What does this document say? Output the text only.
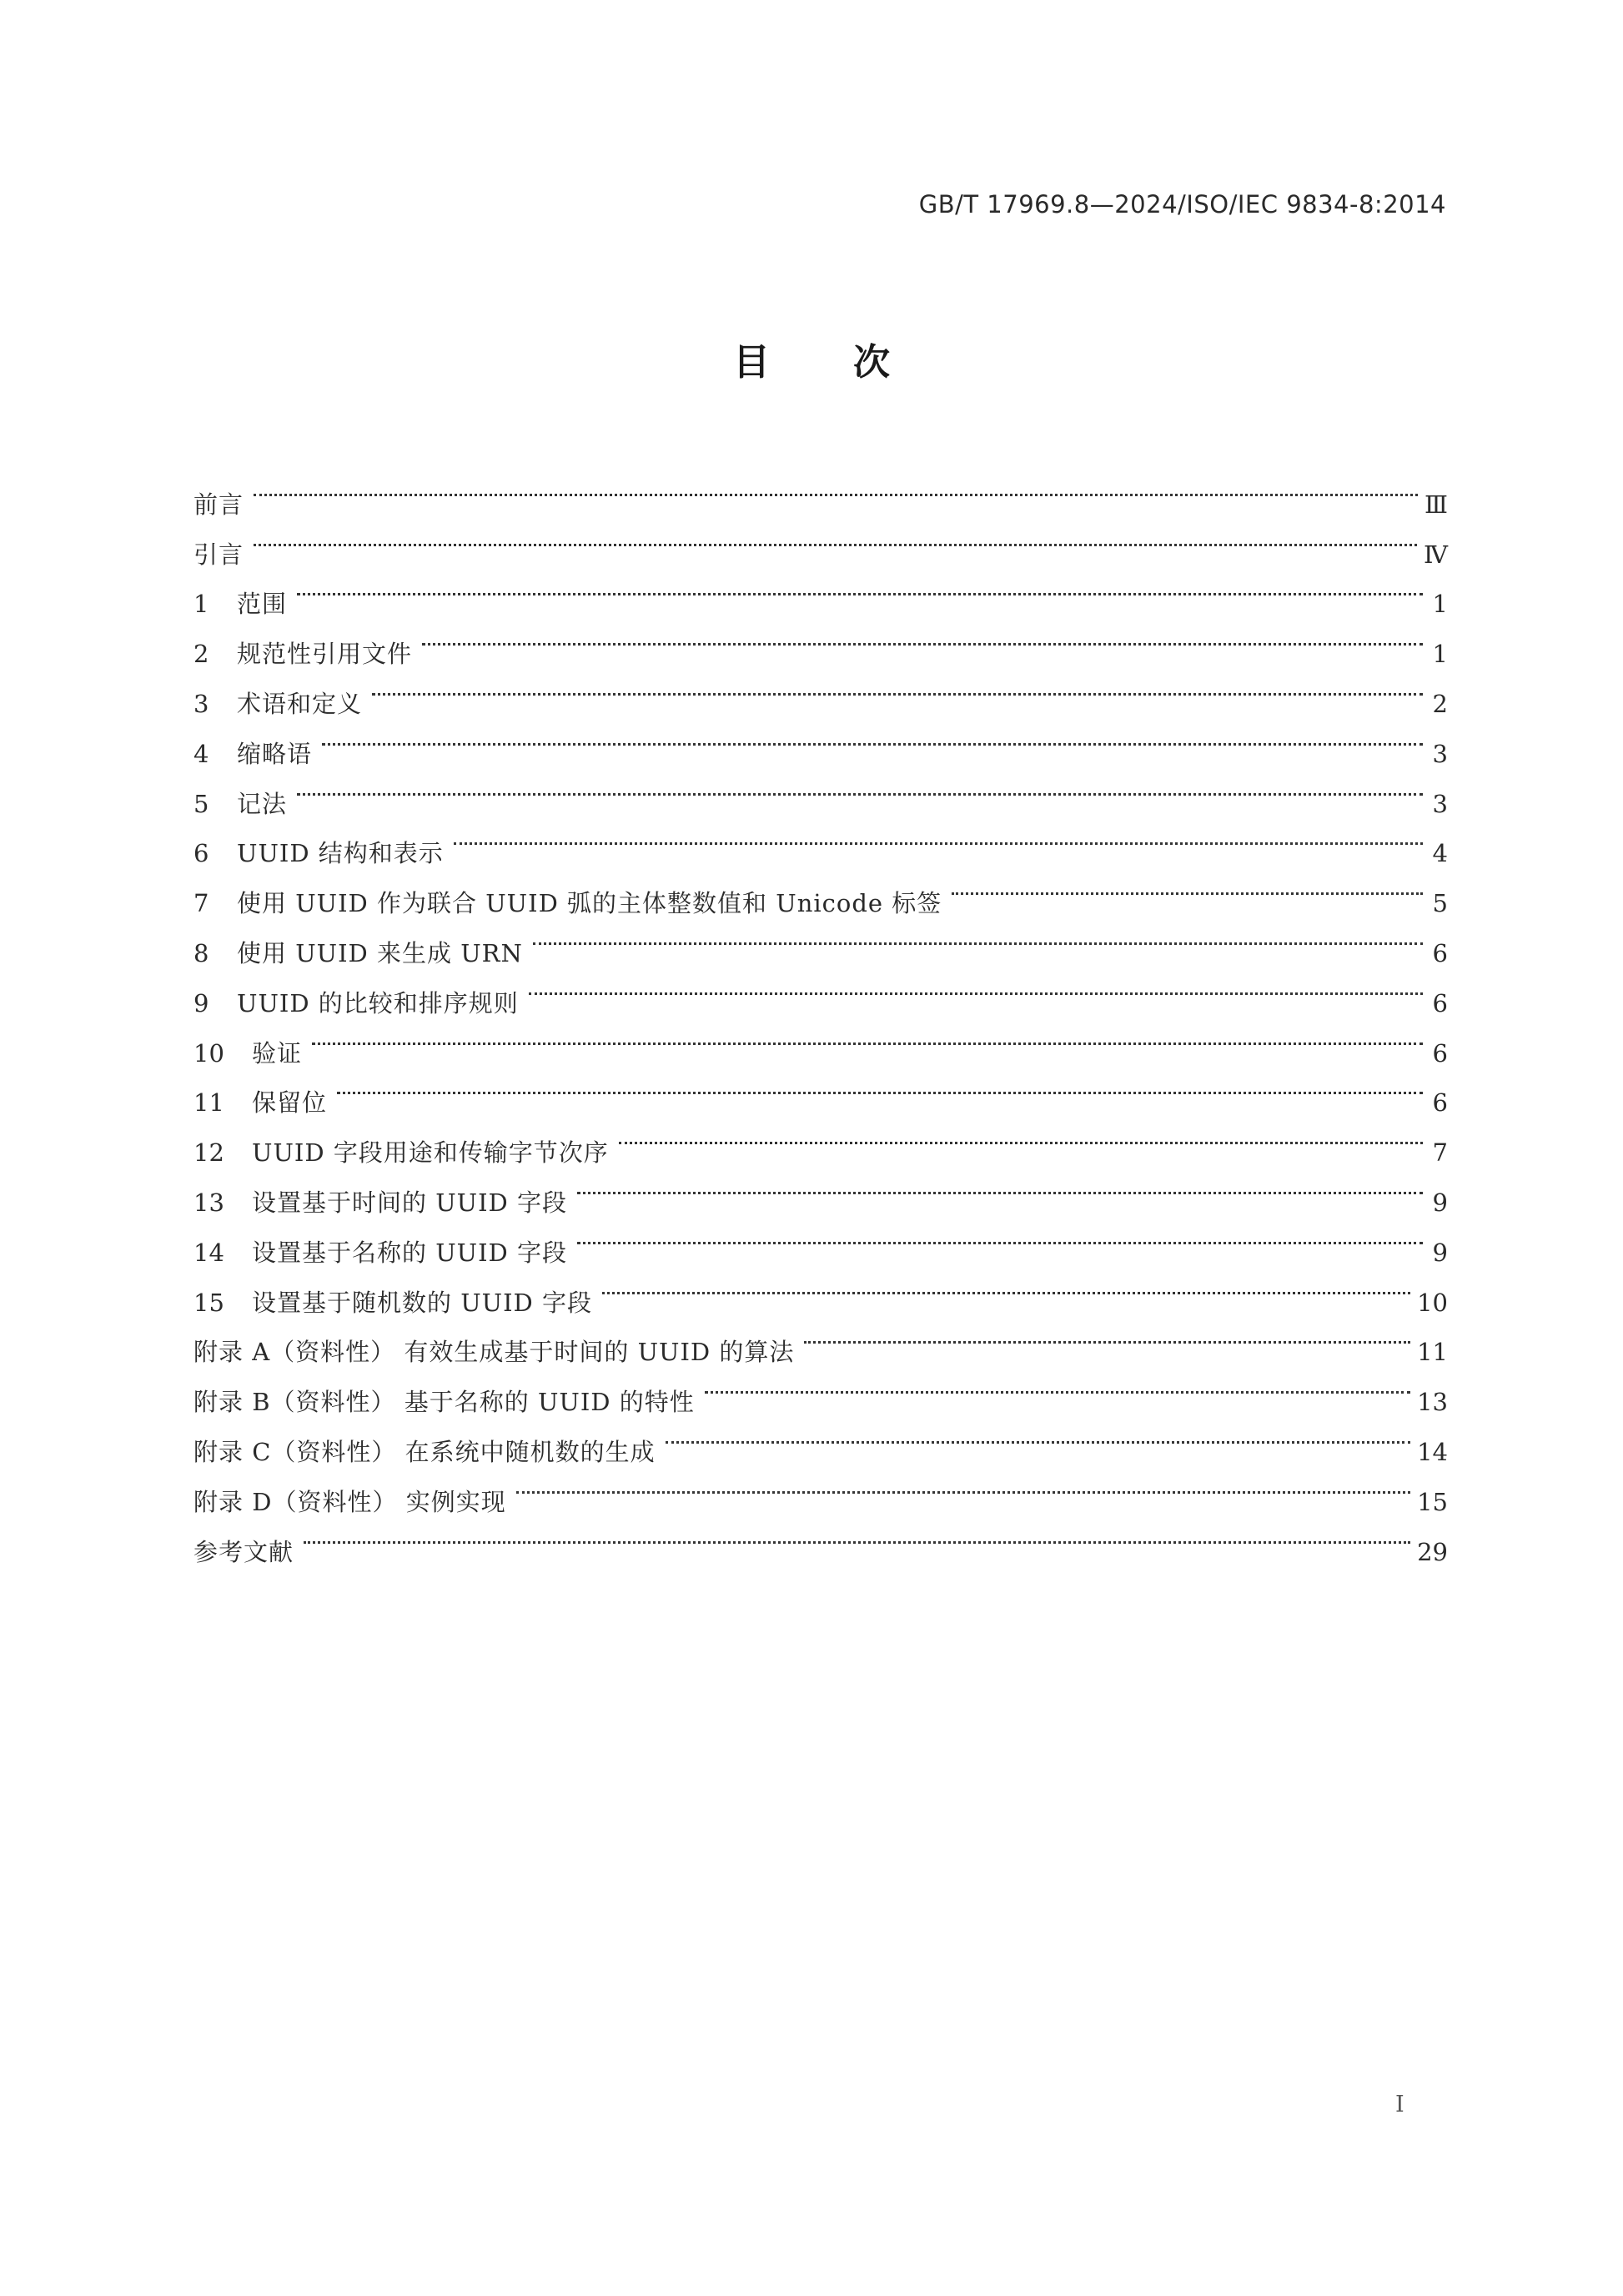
GB/T 17969.8—2024/ISO/IEC 9834-8:2014
目次
前言	Ⅲ
引言	Ⅳ
1	范围	1
2	规范性引用文件	1
3	术语和定义	2
4	缩略语	3
5	记法	3
6	UUID 结构和表示	4
7	使用 UUID 作为联合 UUID 弧的主体整数值和 Unicode 标签	5
8	使用 UUID 来生成 URN	6
9	UUID 的比较和排序规则	6
10	验证	6
11	保留位	6
12	UUID 字段用途和传输字节次序	7
13	设置基于时间的 UUID 字段	9
14	设置基于名称的 UUID 字段	9
15	设置基于随机数的 UUID 字段	10
附录 A（资料性） 有效生成基于时间的 UUID 的算法	11
附录 B（资料性） 基于名称的 UUID 的特性	13
附录 C（资料性） 在系统中随机数的生成	14
附录 D（资料性） 实例实现	15
参考文献	29
I
